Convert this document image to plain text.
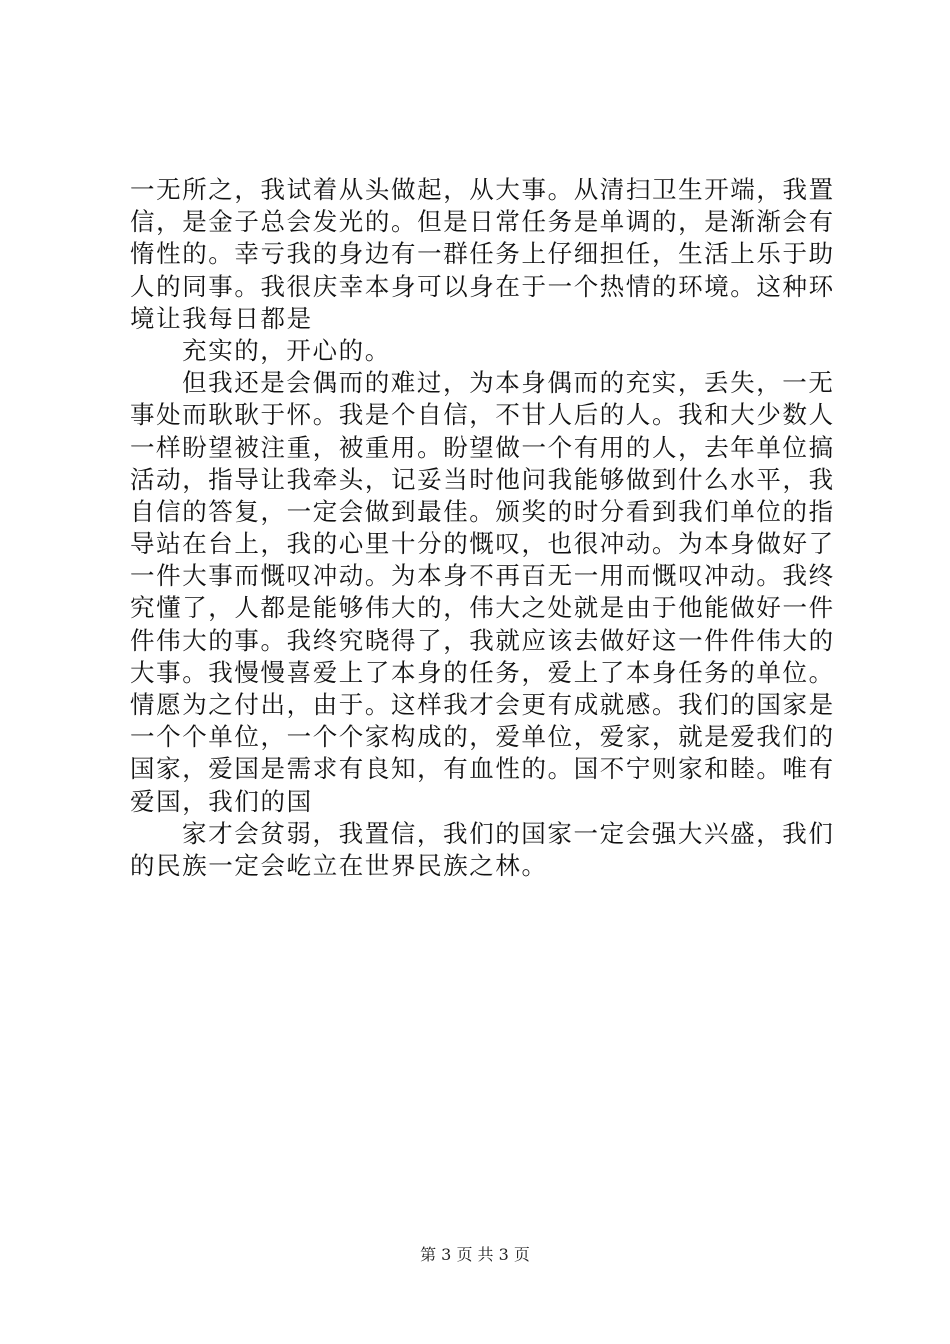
一无所之，我试着从头做起，从大事。从清扫卫生开端，我置
信，是金子总会发光的。但是日常任务是单调的，是渐渐会有
惰性的。幸亏我的身边有一群任务上仔细担任，生活上乐于助
人的同事。我很庆幸本身可以身在于一个热情的环境。这种环
境让我每日都是

充实的，开心的。

但我还是会偶而的难过，为本身偶而的充实，丢失，一无
事处而耿耿于怀。我是个自信，不甘人后的人。我和大少数人
一样盼望被注重，被重用。盼望做一个有用的人，去年单位搞
活动，指导让我牵头，记妥当时他问我能够做到什么水平，我
自信的答复，一定会做到最佳。颁奖的时分看到我们单位的指
导站在台上，我的心里十分的慨叹，也很冲动。为本身做好了
一件大事而慨叹冲动。为本身不再百无一用而慨叹冲动。我终
究懂了，人都是能够伟大的，伟大之处就是由于他能做好一件
件伟大的事。我终究晓得了，我就应该去做好这一件件伟大的
大事。我慢慢喜爱上了本身的任务，爱上了本身任务的单位。
情愿为之付出，由于。这样我才会更有成就感。我们的国家是
一个个单位，一个个家构成的，爱单位，爱家，就是爱我们的
国家，爱国是需求有良知，有血性的。国不宁则家和睦。唯有
爱国，我们的国

家才会贫弱，我置信，我们的国家一定会强大兴盛，我们
的民族一定会屹立在世界民族之林。

第 3 页 共 3 页
